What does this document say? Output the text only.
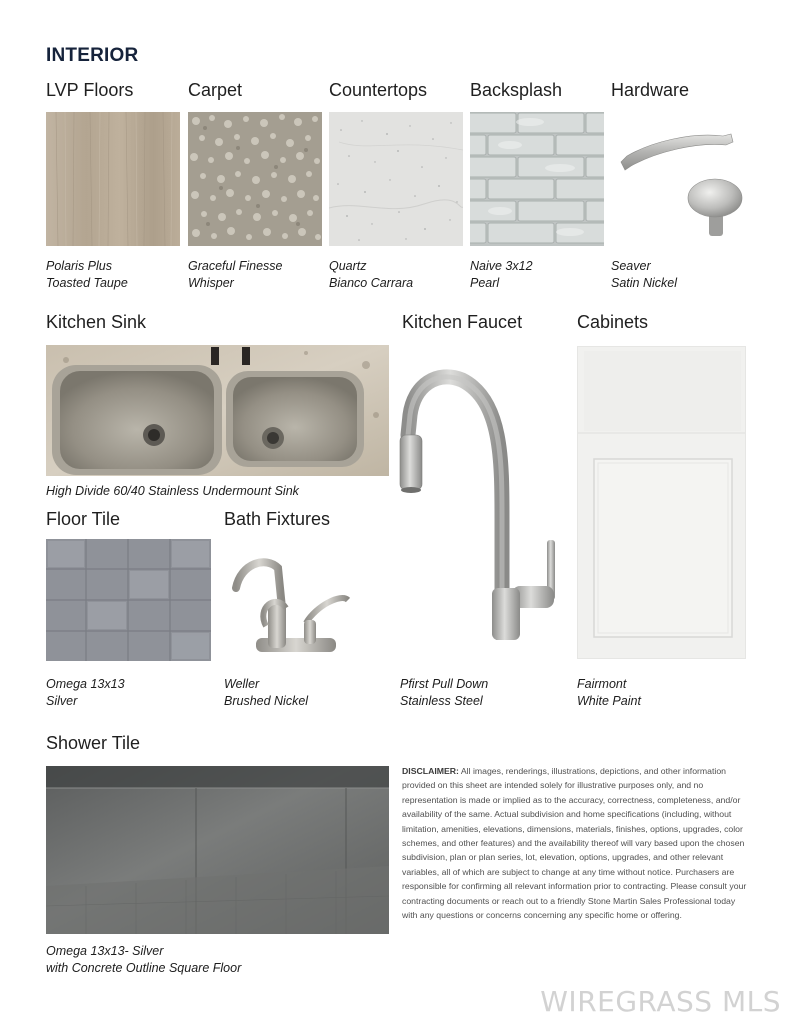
INTERIOR
LVP Floors	Carpet	Countertops Backsplash	Hardware
Polaris Plus
Toasted Taupe
Graceful Finesse
Whisper
Quartz
Bianco Carrara
Naive 3x12
Pearl
Seaver
Satin Nickel
Kitchen Sink	Kitchen Faucet	Cabinets
High Divide 60/40 Stainless Undermount Sink
Pfirst Pull Down
Stainless Steel
Fairmont
White Paint
Floor Tile	Bath Fixtures
Omega 13x13
Silver
Weller
Brushed Nickel
Shower Tile
Omega 13x13- Silver
with Concrete Outline Square Floor
DISCLAIMER: All images, renderings, illustrations, depictions, and other information provided on this sheet are intended solely for illustrative purposes only, and no representation is made or implied as to the accuracy, correctness, completeness, and/or availability of the same. Actual subdivision and home specifications (including, without limitation, amenities, elevations, dimensions, materials, finishes, options, upgrades, color schemes, and other features) and the availability thereof will vary based upon the chosen subdivision, plan or plan series, lot, elevation, options, upgrades, and other relevant variables, all of which are subject to change at any time without notice. Purchasers are responsible for confirming all relevant information prior to contracting. Please consult your contracting documents or reach out to a friendly Stone Martin Sales Professional today with any questions or concerns concerning any specific home or offering.
WIREGRASS MLS
